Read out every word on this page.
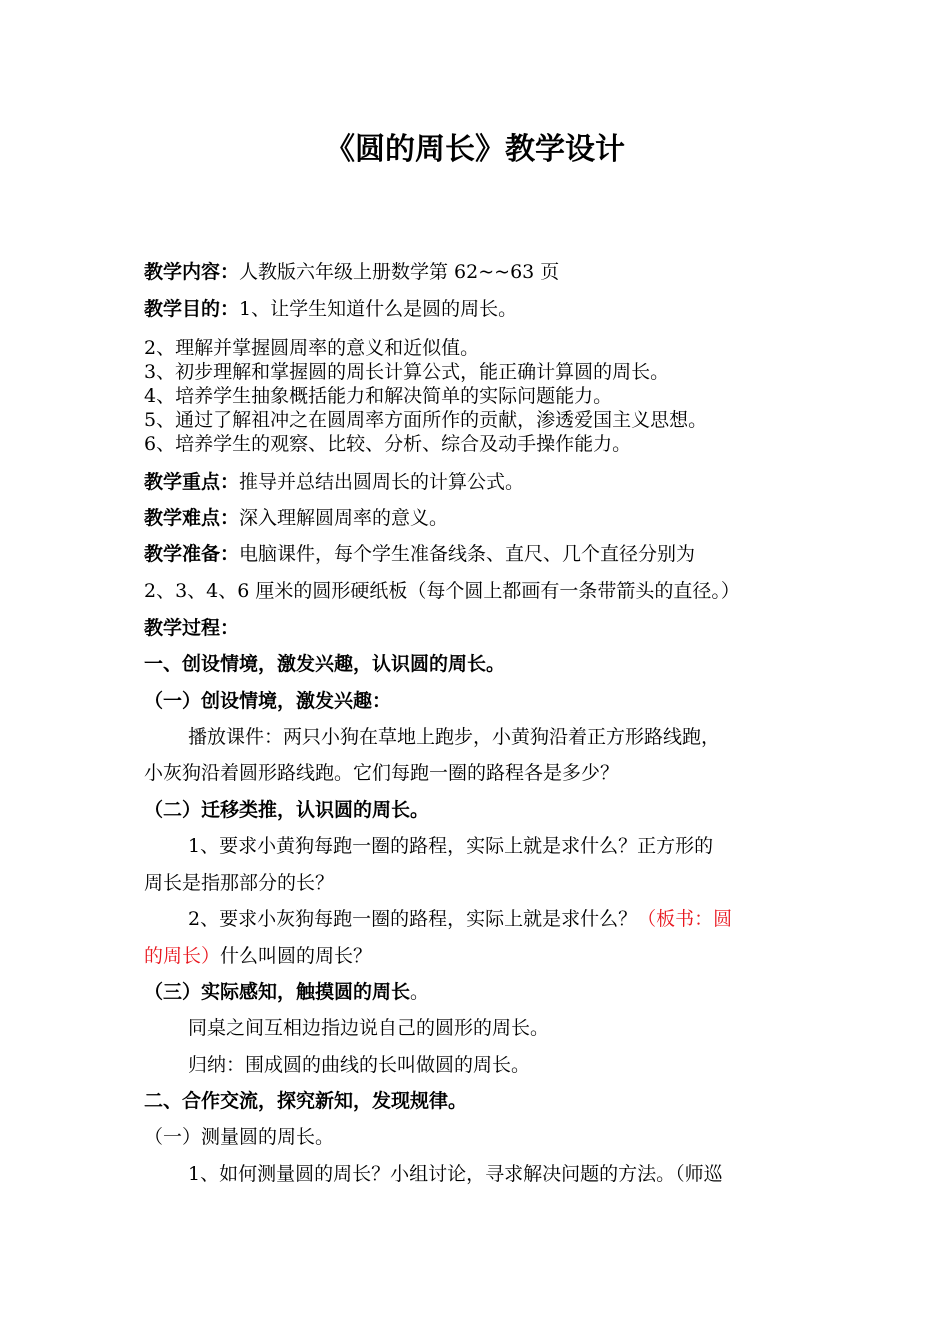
《圆的周长》教学设计

教学内容：人教版六年级上册数学第 62~~63 页

教学目的：1、让学生知道什么是圆的周长。

2、理解并掌握圆周率的意义和近似值。

3、初步理解和掌握圆的周长计算公式，能正确计算圆的周长。

4、培养学生抽象概括能力和解决简单的实际问题能力。

5、通过了解祖冲之在圆周率方面所作的贡献，渗透爱国主义思想。

6、培养学生的观察、比较、分析、综合及动手操作能力。

教学重点：推导并总结出圆周长的计算公式。

教学难点：深入理解圆周率的意义。

教学准备：电脑课件，每个学生准备线条、直尺、几个直径分别为

2、3、4、6 厘米的圆形硬纸板（每个圆上都画有一条带箭头的直径。）

教学过程：

一、创设情境，激发兴趣，认识圆的周长。

（一）创设情境，激发兴趣：

播放课件：两只小狗在草地上跑步，小黄狗沿着正方形路线跑，

小灰狗沿着圆形路线跑。它们每跑一圈的路程各是多少？

（二）迁移类推，认识圆的周长。

1、要求小黄狗每跑一圈的路程，实际上就是求什么？正方形的

周长是指那部分的长？

2、要求小灰狗每跑一圈的路程，实际上就是求什么？（板书：圆

的周长）什么叫圆的周长？

（三）实际感知，触摸圆的周长。

同桌之间互相边指边说自己的圆形的周长。

归纳：围成圆的曲线的长叫做圆的周长。

二、合作交流，探究新知，发现规律。

（一）测量圆的周长。

1、如何测量圆的周长？小组讨论，寻求解决问题的方法。（师巡
